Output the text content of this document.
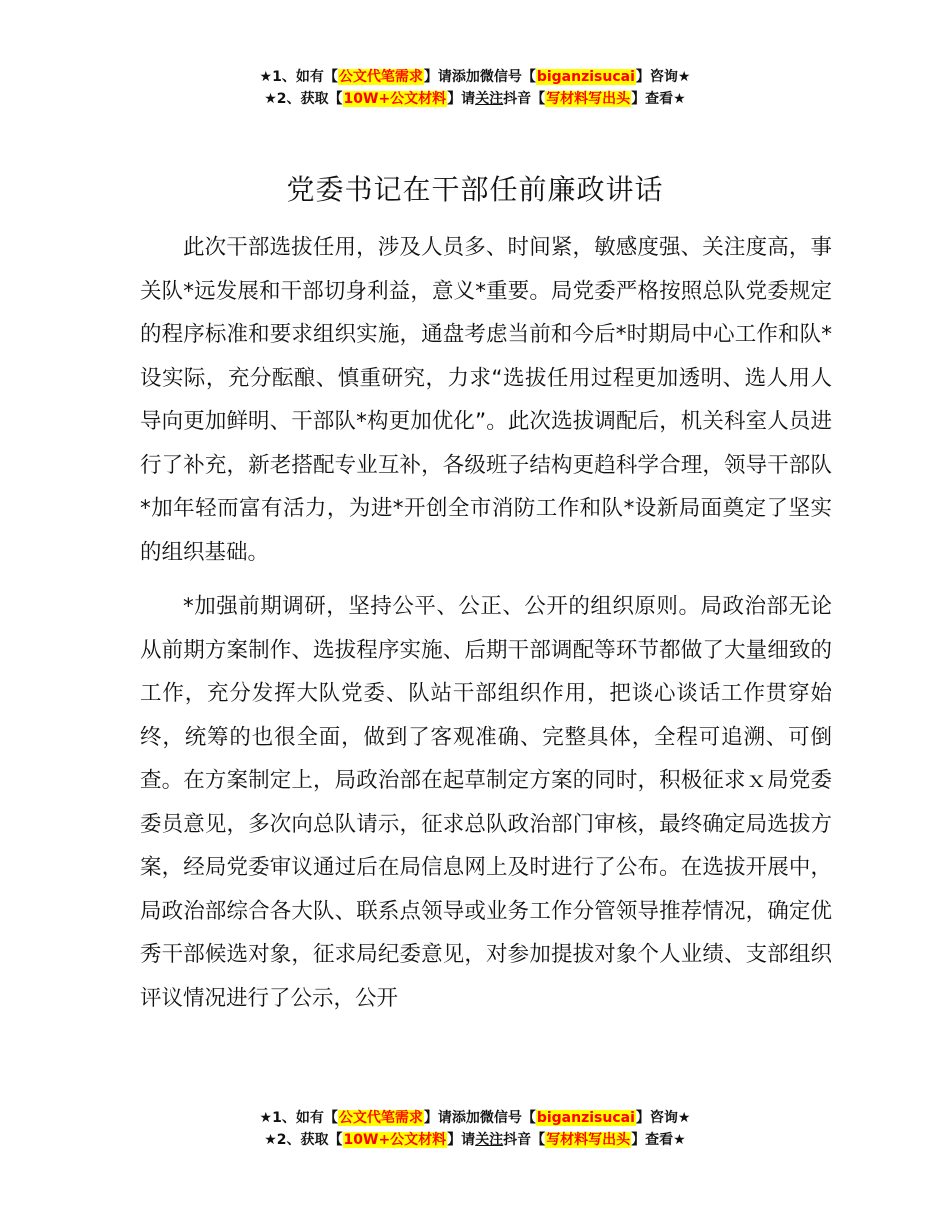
★1、如有【公文代笔需求】请添加微信号【biganzisucai】咨询★
★2、获取【10W+公文材料】请关注抖音【写材料写出头】查看★
党委书记在干部任前廉政讲话

此次干部选拔任用，涉及人员多、时间紧，敏感度强、关注度高，事关队*远发展和干部切身利益，意义*重要。局党委严格按照总队党委规定的程序标准和要求组织实施，通盘考虑当前和今后*时期局中心工作和队*设实际，充分酝酿、慎重研究，力求“选拔任用过程更加透明、选人用人导向更加鲜明、干部队*构更加优化”。此次选拔调配后，机关科室人员进行了补充，新老搭配专业互补，各级班子结构更趋科学合理，领导干部队*加年轻而富有活力，为进*开创全市消防工作和队*设新局面奠定了坚实的组织基础。

*加强前期调研，坚持公平、公正、公开的组织原则。局政治部无论从前期方案制作、选拔程序实施、后期干部调配等环节都做了大量细致的工作，充分发挥大队党委、队站干部组织作用，把谈心谈话工作贯穿始终，统筹的也很全面，做到了客观准确、完整具体，全程可追溯、可倒查。在方案制定上，局政治部在起草制定方案的同时，积极征求ｘ局党委委员意见，多次向总队请示，征求总队政治部门审核，最终确定局选拔方案，经局党委审议通过后在局信息网上及时进行了公布。在选拔开展中，局政治部综合各大队、联系点领导或业务工作分管领导推荐情况，确定优秀干部候选对象，征求局纪委意见，对参加提拔对象个人业绩、支部组织评议情况进行了公示，公开

★1、如有【公文代笔需求】请添加微信号【biganzisucai】咨询★
★2、获取【10W+公文材料】请关注抖音【写材料写出头】查看★
